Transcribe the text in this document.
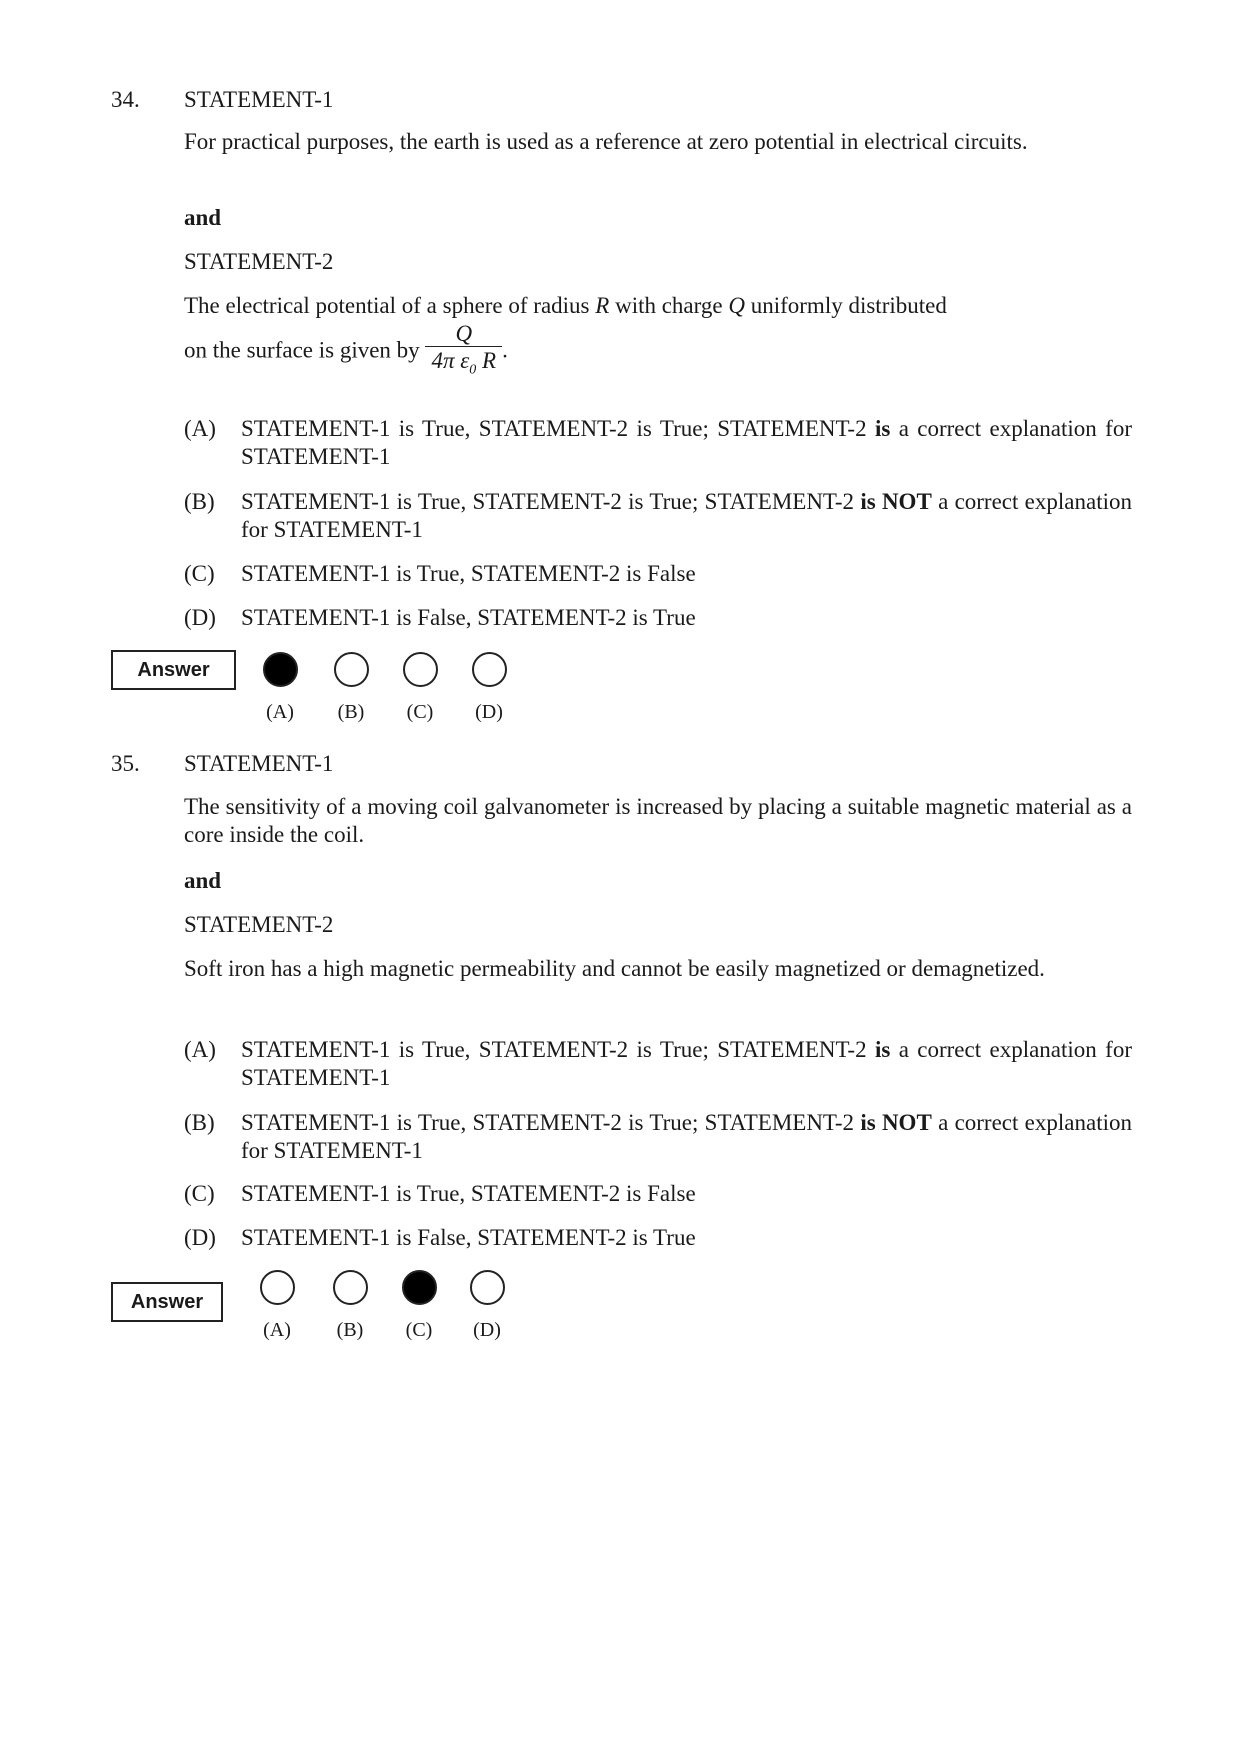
34. STATEMENT-1
For practical purposes, the earth is used as a reference at zero potential in electrical circuits.
and
STATEMENT-2
The electrical potential of a sphere of radius R with charge Q uniformly distributed
on the surface is given by $\frac{Q}{4\pi \varepsilon_0 R}$ .
(A) STATEMENT-1 is True, STATEMENT-2 is True; STATEMENT-2 is a correct explanation for STATEMENT-1
(B) STATEMENT-1 is True, STATEMENT-2 is True; STATEMENT-2 is NOT a correct explanation for STATEMENT-1
(C) STATEMENT-1 is True, STATEMENT-2 is False
(D) STATEMENT-1 is False, STATEMENT-2 is True
Answer
(A)	(B)	(C)	(D)
35. STATEMENT-1
The sensitivity of a moving coil galvanometer is increased by placing a suitable magnetic material as a core inside the coil.
and
STATEMENT-2
Soft iron has a high magnetic permeability and cannot be easily magnetized or demagnetized.
(A) STATEMENT-1 is True, STATEMENT-2 is True; STATEMENT-2 is a correct explanation for STATEMENT-1
(B) STATEMENT-1 is True, STATEMENT-2 is True; STATEMENT-2 is NOT a correct explanation for STATEMENT-1
(C) STATEMENT-1 is True, STATEMENT-2 is False
(D) STATEMENT-1 is False, STATEMENT-2 is True
Answer
(A)	(B)	(C)	(D)
